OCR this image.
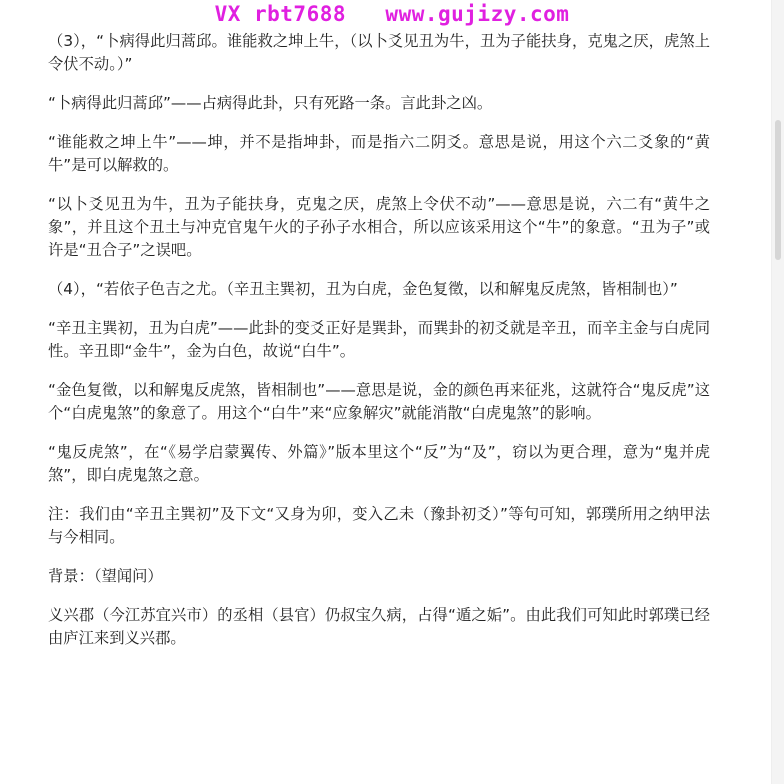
VX rbt7688   www.gujizy.com

（3），“卜病得此归蒿邱。谁能救之坤上牛，（以卜爻见丑为牛，丑为子能扶身，克鬼之厌，虎煞上令伏不动。）”

“卜病得此归蒿邱”——占病得此卦，只有死路一条。言此卦之凶。

“谁能救之坤上牛”——坤，并不是指坤卦，而是指六二阴爻。意思是说，用这个六二爻象的“黄牛”是可以解救的。

“以卜爻见丑为牛，丑为子能扶身，克鬼之厌，虎煞上令伏不动”——意思是说，六二有“黄牛之象”，并且这个丑土与冲克官鬼午火的子孙子水相合，所以应该采用这个“牛”的象意。“丑为子”或许是“丑合子”之误吧。

（4），“若依子色吉之尤。（辛丑主巽初，丑为白虎，金色复徵，以和解鬼反虎煞，皆相制也）”

“辛丑主巽初，丑为白虎”——此卦的变爻正好是巽卦，而巽卦的初爻就是辛丑，而辛主金与白虎同性。辛丑即“金牛”，金为白色，故说“白牛”。

“金色复徵，以和解鬼反虎煞，皆相制也”——意思是说，金的颜色再来征兆，这就符合“鬼反虎”这个“白虎鬼煞”的象意了。用这个“白牛”来“应象解灾”就能消散“白虎鬼煞”的影响。

“鬼反虎煞”，在“《易学启蒙翼传、外篇》”版本里这个“反”为“及”，窃以为更合理，意为“鬼并虎煞”，即白虎鬼煞之意。

注：我们由“辛丑主巽初”及下文“又身为卯，变入乙未（豫卦初爻）”等句可知，郭璞所用之纳甲法与今相同。

背景：（望闻问）

义兴郡（今江苏宜兴市）的丞相（县官）仍叔宝久病，占得“遁之姤”。由此我们可知此时郭璞已经由庐江来到义兴郡。
